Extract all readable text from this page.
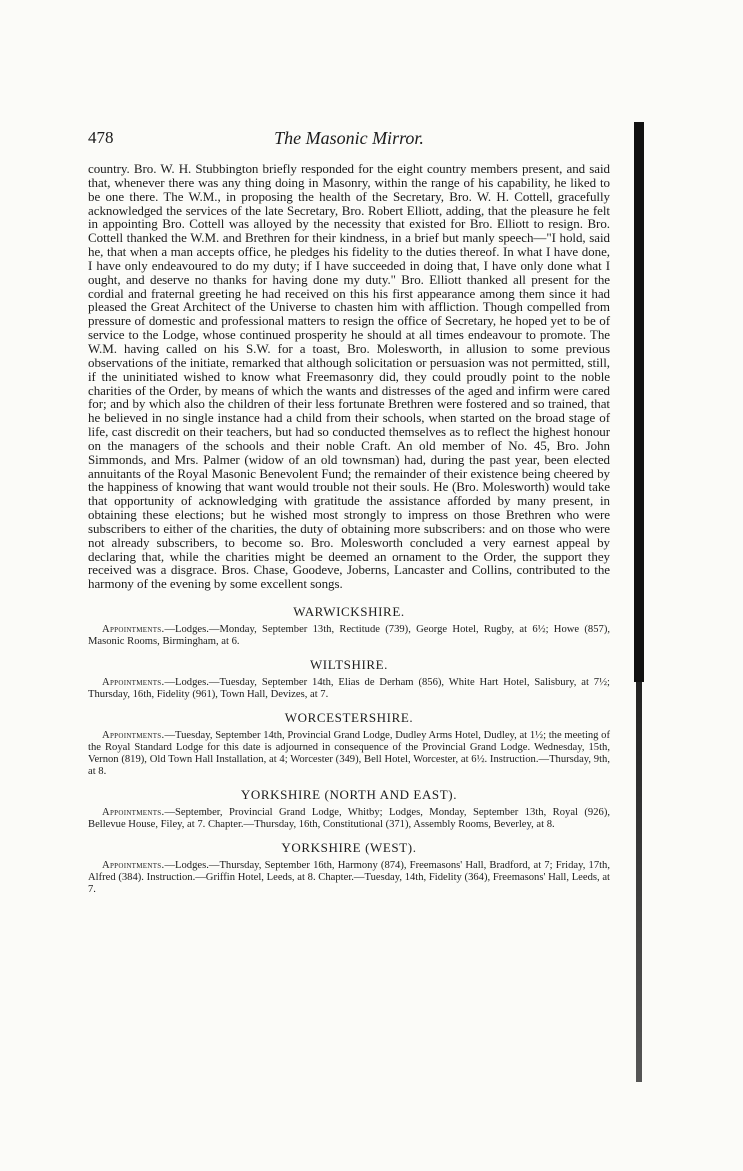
478	The Masonic Mirror.

country. Bro. W. H. Stubbington briefly responded for the eight country members present, and said that, whenever there was any thing doing in Masonry, within the range of his capability, he liked to be one there. The W.M., in proposing the health of the Secretary, Bro. W. H. Cottell, gracefully acknowledged the services of the late Secretary, Bro. Robert Elliott, adding, that the pleasure he felt in appointing Bro. Cottell was alloyed by the necessity that existed for Bro. Elliott to resign. Bro. Cottell thanked the W.M. and Brethren for their kindness, in a brief but manly speech—"I hold, said he, that when a man accepts office, he pledges his fidelity to the duties thereof. In what I have done, I have only endeavoured to do my duty; if I have succeeded in doing that, I have only done what I ought, and deserve no thanks for having done my duty." Bro. Elliott thanked all present for the cordial and fraternal greeting he had received on this his first appearance among them since it had pleased the Great Architect of the Universe to chasten him with affliction. Though compelled from pressure of domestic and professional matters to resign the office of Secretary, he hoped yet to be of service to the Lodge, whose continued prosperity he should at all times endeavour to promote. The W.M. having called on his S.W. for a toast, Bro. Molesworth, in allusion to some previous observations of the initiate, remarked that although solicitation or persuasion was not permitted, still, if the uninitiated wished to know what Freemasonry did, they could proudly point to the noble charities of the Order, by means of which the wants and distresses of the aged and infirm were cared for; and by which also the children of their less fortunate Brethren were fostered and so trained, that he believed in no single instance had a child from their schools, when started on the broad stage of life, cast discredit on their teachers, but had so conducted themselves as to reflect the highest honour on the managers of the schools and their noble Craft. An old member of No. 45, Bro. John Simmonds, and Mrs. Palmer (widow of an old townsman) had, during the past year, been elected annuitants of the Royal Masonic Benevolent Fund; the remainder of their existence being cheered by the happiness of knowing that want would trouble not their souls. He (Bro. Molesworth) would take that opportunity of acknowledging with gratitude the assistance afforded by many present, in obtaining these elections; but he wished most strongly to impress on those Brethren who were subscribers to either of the charities, the duty of obtaining more subscribers: and on those who were not already subscribers, to become so. Bro. Molesworth concluded a very earnest appeal by declaring that, while the charities might be deemed an ornament to the Order, the support they received was a disgrace. Bros. Chase, Goodeve, Joberns, Lancaster and Collins, contributed to the harmony of the evening by some excellent songs.

WARWICKSHIRE.
Appointments.—Lodges.—Monday, September 13th, Rectitude (739), George Hotel, Rugby, at 6½; Howe (857), Masonic Rooms, Birmingham, at 6.
WILTSHIRE.
Appointments.—Lodges.—Tuesday, September 14th, Elias de Derham (856), White Hart Hotel, Salisbury, at 7½; Thursday, 16th, Fidelity (961), Town Hall, Devizes, at 7.
WORCESTERSHIRE.
Appointments.—Tuesday, September 14th, Provincial Grand Lodge, Dudley Arms Hotel, Dudley, at 1½; the meeting of the Royal Standard Lodge for this date is adjourned in consequence of the Provincial Grand Lodge. Wednesday, 15th, Vernon (819), Old Town Hall Installation, at 4; Worcester (349), Bell Hotel, Worcester, at 6½. Instruction.—Thursday, 9th, at 8.
YORKSHIRE (NORTH AND EAST).
Appointments.—September, Provincial Grand Lodge, Whitby; Lodges, Monday, September 13th, Royal (926), Bellevue House, Filey, at 7. Chapter.—Thursday, 16th, Constitutional (371), Assembly Rooms, Beverley, at 8.
YORKSHIRE (WEST).
Appointments.—Lodges.—Thursday, September 16th, Harmony (874), Freemasons' Hall, Bradford, at 7; Friday, 17th, Alfred (384). Instruction.—Griffin Hotel, Leeds, at 8. Chapter.—Tuesday, 14th, Fidelity (364), Freemasons' Hall, Leeds, at 7.
